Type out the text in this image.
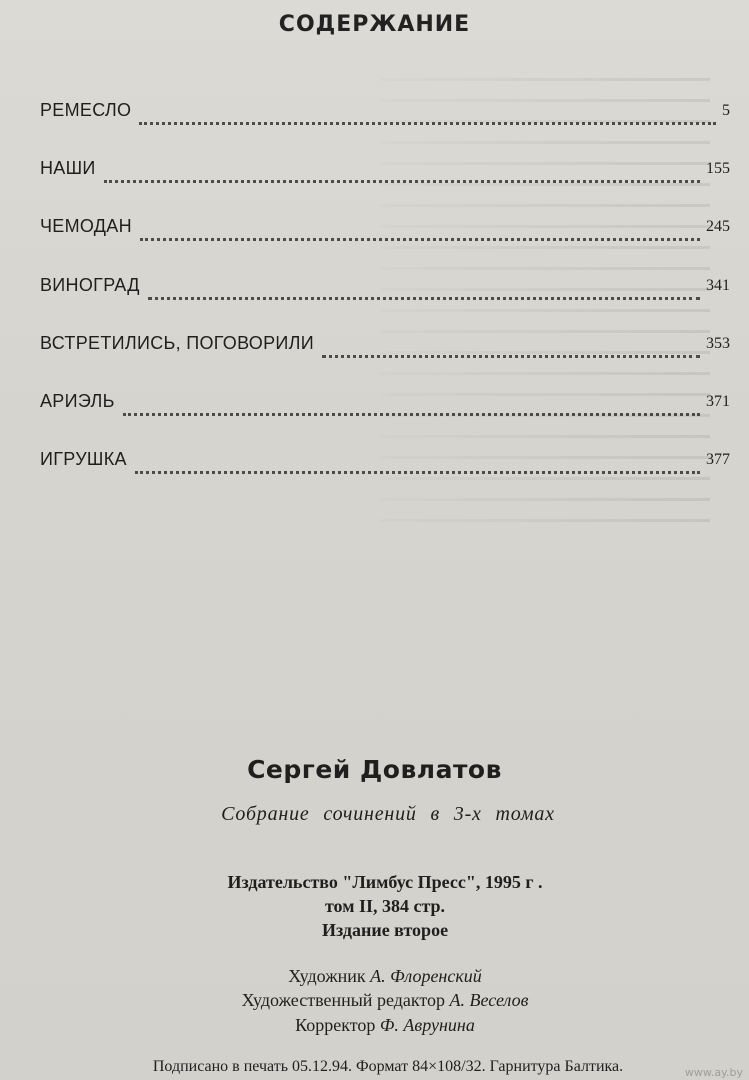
СОДЕРЖАНИЕ
РЕМЕСЛО	5
НАШИ	155
ЧЕМОДАН	245
ВИНОГРАД	341
ВСТРЕТИЛИСЬ, ПОГОВОРИЛИ	353
АРИЭЛЬ	371
ИГРУШКА	377
Сергей Довлатов
Собрание сочинений в 3-х томах
Издательство "Лимбус Пресс", 1995 г .
том II, 384 стр.
Издание второе
Художник А. Флоренский
Художественный редактор А. Веселов
Корректор Ф. Аврунина
Подписано в печать 05.12.94. Формат 84×108/32. Гарнитура Балтика.	www.ay.by
